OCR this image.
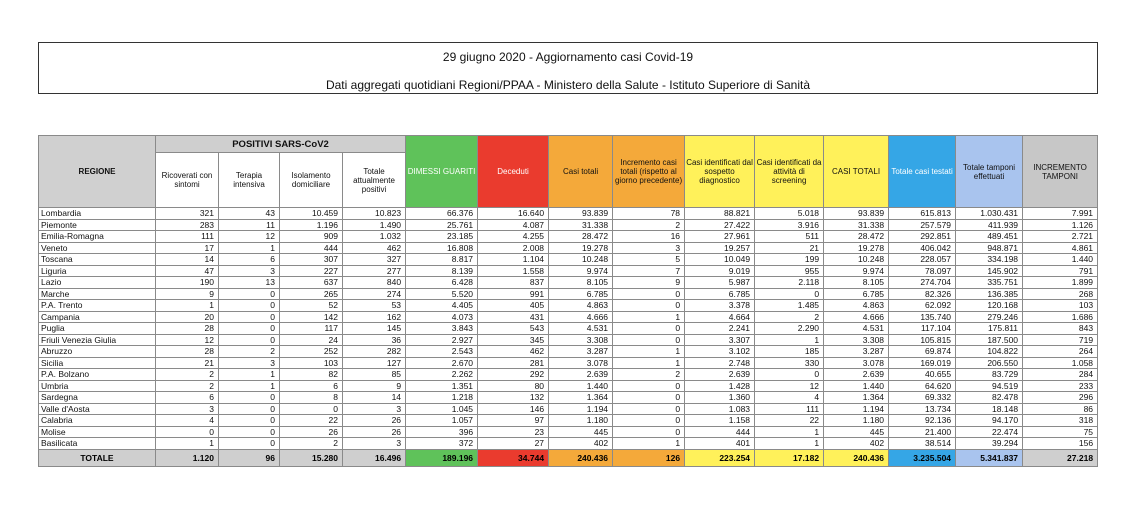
29 giugno 2020 - Aggiornamento casi Covid-19
Dati aggregati quotidiani Regioni/PPAA - Ministero della Salute - Istituto Superiore di Sanità
REGIONE	POSITIVI SARS-CoV2				DIMESSI GUARITI	Deceduti	Casi totali	Incremento casi totali (rispetto al giorno precedente)	Casi identificati dal sospetto diagnostico	Casi identificati da attività di screening	CASI TOTALI	Totale casi testati	Totale tamponi effettuati	INCREMENTO TAMPONI
	Ricoverati con sintomi	Terapia intensiva	Isolamento domiciliare	Totale attualmente positivi										
Lombardia	321	43	10.459	10.823	66.376	16.640	93.839	78	88.821	5.018	93.839	615.813	1.030.431	7.991
Piemonte	283	11	1.196	1.490	25.761	4.087	31.338	2	27.422	3.916	31.338	257.579	411.939	1.126
Emilia-Romagna	111	12	909	1.032	23.185	4.255	28.472	16	27.961	511	28.472	292.851	489.451	2.721
Veneto	17	1	444	462	16.808	2.008	19.278	3	19.257	21	19.278	406.042	948.871	4.861
Toscana	14	6	307	327	8.817	1.104	10.248	5	10.049	199	10.248	228.057	334.198	1.440
Liguria	47	3	227	277	8.139	1.558	9.974	7	9.019	955	9.974	78.097	145.902	791
Lazio	190	13	637	840	6.428	837	8.105	9	5.987	2.118	8.105	274.704	335.751	1.899
Marche	9	0	265	274	5.520	991	6.785	0	6.785	0	6.785	82.326	136.385	268
P.A. Trento	1	0	52	53	4.405	405	4.863	0	3.378	1.485	4.863	62.092	120.168	103
Campania	20	0	142	162	4.073	431	4.666	1	4.664	2	4.666	135.740	279.246	1.686
Puglia	28	0	117	145	3.843	543	4.531	0	2.241	2.290	4.531	117.104	175.811	843
Friuli Venezia Giulia	12	0	24	36	2.927	345	3.308	0	3.307	1	3.308	105.815	187.500	719
Abruzzo	28	2	252	282	2.543	462	3.287	1	3.102	185	3.287	69.874	104.822	264
Sicilia	21	3	103	127	2.670	281	3.078	1	2.748	330	3.078	169.019	206.550	1.058
P.A. Bolzano	2	1	82	85	2.262	292	2.639	2	2.639	0	2.639	40.655	83.729	284
Umbria	2	1	6	9	1.351	80	1.440	0	1.428	12	1.440	64.620	94.519	233
Sardegna	6	0	8	14	1.218	132	1.364	0	1.360	4	1.364	69.332	82.478	296
Valle d'Aosta	3	0	0	3	1.045	146	1.194	0	1.083	111	1.194	13.734	18.148	86
Calabria	4	0	22	26	1.057	97	1.180	0	1.158	22	1.180	92.136	94.170	318
Molise	0	0	26	26	396	23	445	0	444	1	445	21.400	22.474	75
Basilicata	1	0	2	3	372	27	402	1	401	1	402	38.514	39.294	156
TOTALE	1.120	96	15.280	16.496	189.196	34.744	240.436	126	223.254	17.182	240.436	3.235.504	5.341.837	27.218
